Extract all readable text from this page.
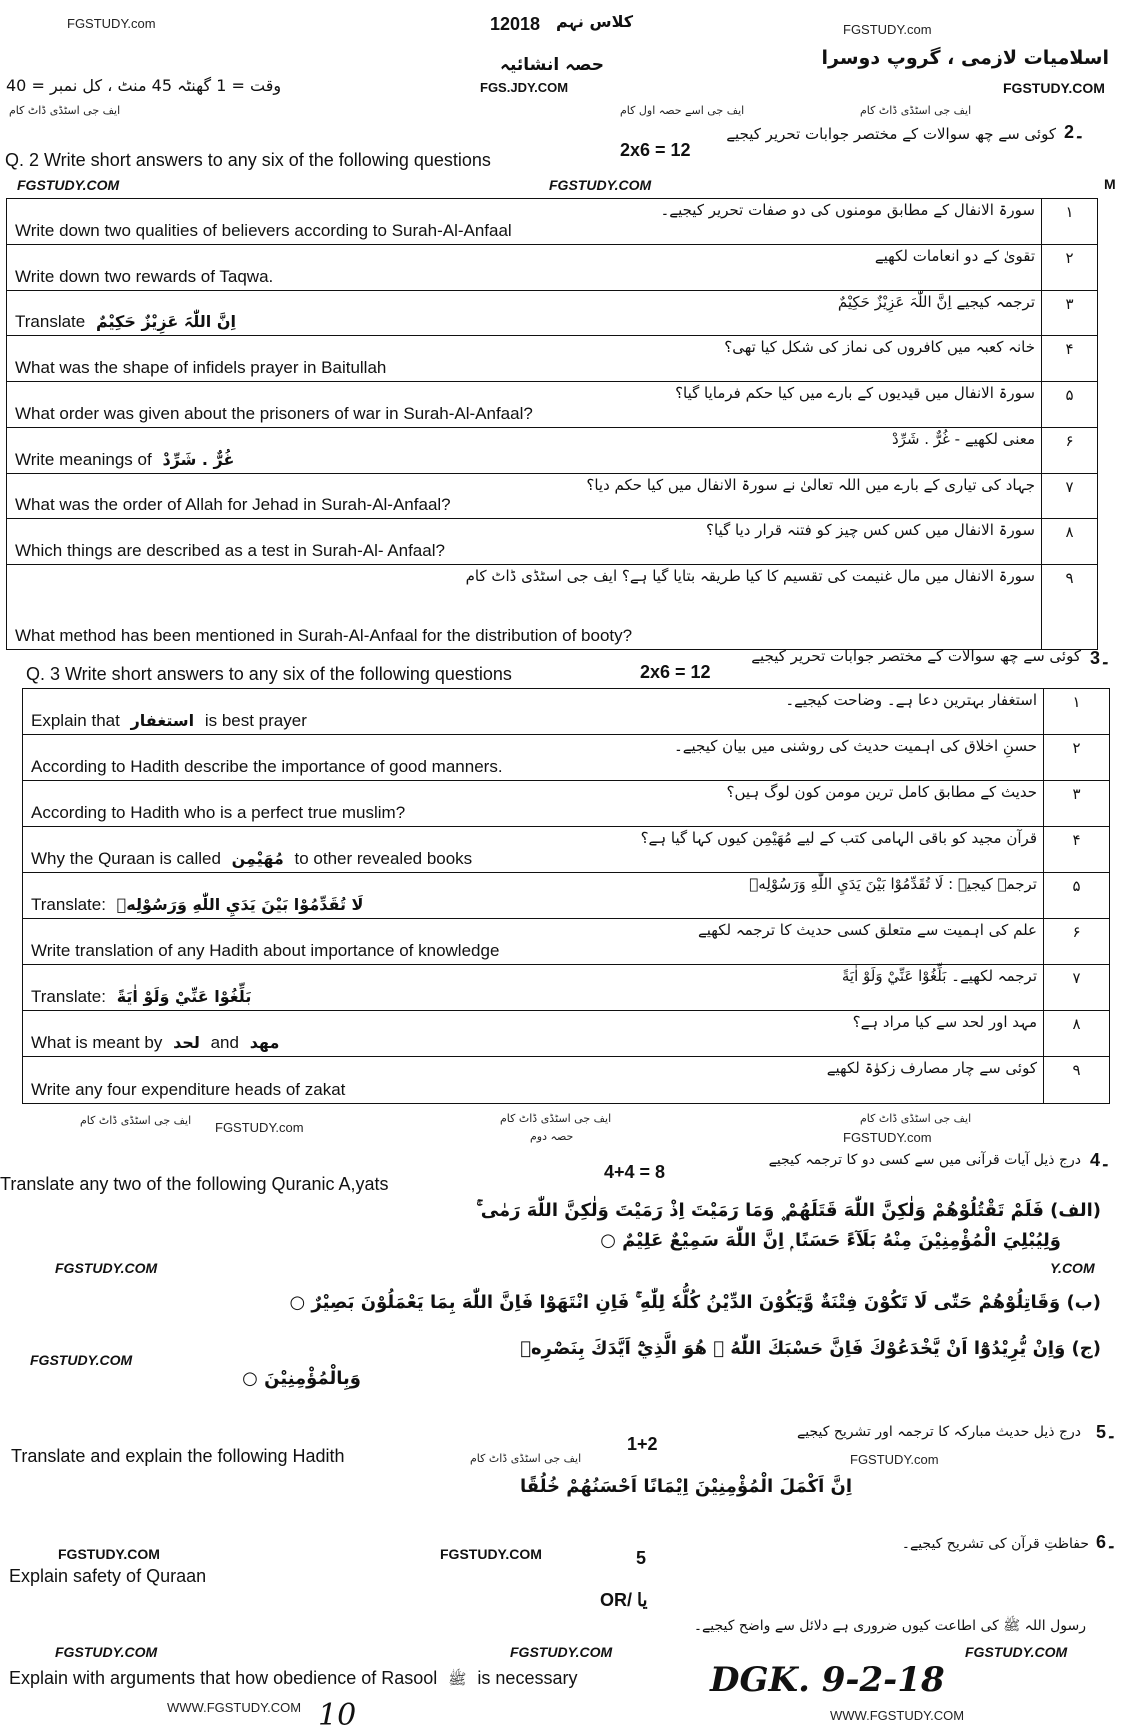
FGSTUDY.com	12018 کلاس نہم	FGSTUDY.com
اسلامیات لازمی ، گروپ دوسرا
حصہ انشائیہ
FGS.JDY.COM	FGSTUDY.COM
وقت = 1 گھنٹہ 45 منٹ ، کل نمبر = 40
ایف جی اسٹڈی ڈاٹ کام	ایف جی اسے حصہ اول کام	ایف جی اسٹڈی ڈاٹ کام
2۔
کوئی سے چھ سوالات کے مختصر جوابات تحریر کیجیے
2x6 = 12
Q. 2 Write short answers to any six of the following questions
FGSTUDY.COM	FGSTUDY.COM	M
۱
سورۃ الانفال کے مطابق مومنوں کی دو صفات تحریر کیجیے۔
Write down two qualities of believers according to Surah-Al-Anfaal
۲
تقویٰ کے دو انعامات لکھیے
Write down two rewards of Taqwa.
۳
ترجمہ کیجیے اِنَّ اللّٰہَ عَزِیْزٌ حَکِیْمٌ
Translate اِنَّ اللّٰہَ عَزِیْزٌ حَکِیْمٌ
۴
خانہ کعبہ میں کافروں کی نماز کی شکل کیا تھی؟
What was the shape of infidels prayer in Baitullah
۵
سورۃ الانفال میں قیدیوں کے بارے میں کیا حکم فرمایا گیا؟
What order was given about the prisoners of war in Surah-Al-Anfaal?
۶
معنی لکھیے - غُرٌّ . شَرِّدْ
Write meanings of غُرٌّ . شَرِّدْ
۷
جہاد کی تیاری کے بارے میں اللہ تعالیٰ نے سورۃ الانفال میں کیا حکم دیا؟
What was the order of Allah for Jehad in Surah-Al-Anfaal?
۸
سورۃ الانفال میں کس کس چیز کو فتنہ قرار دیا گیا؟
Which things are described as a test in Surah-Al- Anfaal?
۹
سورۃ الانفال میں مال غنیمت کی تقسیم کا کیا طریقہ بتایا گیا ہے؟ ایف جی اسٹڈی ڈاٹ کام
What method has been mentioned in Surah-Al-Anfaal for the distribution of booty?
3۔
کوئی سے چھ سوالات کے مختصر جوابات تحریر کیجیے
2x6 = 12
Q. 3 Write short answers to any six of the following questions
۱
استغفار بہترین دعا ہے۔ وضاحت کیجیے۔
Explain that استغفار is best prayer
۲
حسنِ اخلاق کی اہمیت حدیث کی روشنی میں بیان کیجیے۔
According to Hadith describe the importance of good manners.
۳
حدیث کے مطابق کامل ترین مومن کون لوگ ہیں؟
According to Hadith who is a perfect true muslim?
۴
قرآن مجید کو باقی الہامی کتب کے لیے مُهَيْمِن کیوں کہا گیا ہے؟
Why the Quraan is called مُهَيْمِن to other revealed books
۵
ترجمہ کیجیے : لَا تُقَدِّمُوْا بَيْنَ يَدَيِ اللّٰهِ وَرَسُوْلِهٖ
Translate: لَا تُقَدِّمُوْا بَيْنَ يَدَيِ اللّٰهِ وَرَسُوْلِهٖ
۶
علم کی اہمیت سے متعلق کسی حدیث کا ترجمہ لکھیے
Write translation of any Hadith about importance of knowledge
۷
ترجمہ لکھیے۔ بَلِّغُوْا عَنِّيْ وَلَوْ اٰيَةً
Translate: بَلِّغُوْا عَنِّيْ وَلَوْ اٰيَةً
۸
مہد اور لحد سے کیا مراد ہے؟
What is meant by لحد and مهد
۹
کوئی سے چار مصارف زکوٰۃ لکھیے
Write any four expenditure heads of zakat
ایف جی اسٹڈی ڈاٹ کام FGSTUDY.com
ایف جی اسٹڈی ڈاٹ کام
حصہ دوم
ایف جی اسٹڈی ڈاٹ کام
FGSTUDY.com
4۔
درج ذیل آیات قرآنی میں سے کسی دو کا ترجمہ کیجیے
4+4 = 8
Translate any two of the following Quranic A,yats
(الف) فَلَمْ تَقْتُلُوْهُمْ وَلٰكِنَّ اللّٰهَ قَتَلَهُمْ ۪ وَمَا رَمَيْتَ اِذْ رَمَيْتَ وَلٰكِنَّ اللّٰهَ رَمٰى ۚ
وَلِيُبْلِيَ الْمُؤْمِنِيْنَ مِنْهُ بَلَآءً حَسَنًا ۭ اِنَّ اللّٰهَ سَمِيْعٌ عَلِيْمٌ ○
FGSTUDY.COM	Y.COM
(ب) وَقَاتِلُوْهُمْ حَتّٰى لَا تَكُوْنَ فِتْنَةٌ وَّيَكُوْنَ الدِّيْنُ كُلُّهٗ لِلّٰهِ ۚ فَاِنِ انْتَهَوْا فَاِنَّ اللّٰهَ بِمَا يَعْمَلُوْنَ بَصِيْرٌ ○
(ج) وَاِنْ يُّرِيْدُوْٓا اَنْ يَّخْدَعُوْكَ فَاِنَّ حَسْبَكَ اللّٰهُ ۭ هُوَ الَّذِيْٓ اَيَّدَكَ بِنَصْرِهٖ
FGSTUDY.COM
وَبِالْمُؤْمِنِيْنَ ○
5۔
درج ذیل حدیث مبارکہ کا ترجمہ اور تشریح کیجیے
1+2
ایف جی اسٹڈی ڈاٹ کام	FGSTUDY.com
Translate and explain the following Hadith
اِنَّ اَكْمَلَ الْمُؤْمِنِيْنَ اِيْمَانًا اَحْسَنُهُمْ خُلُقًا
6۔
حفاظتِ قرآن کی تشریح کیجیے۔
FGSTUDY.COM	FGSTUDY.COM	5
Explain safety of Quraan
OR/ یا
رسول اللہ ﷺ کی اطاعت کیوں ضروری ہے دلائل سے واضح کیجیے۔
FGSTUDY.COM	FGSTUDY.COM	FGSTUDY.COM
Explain with arguments that how obedience of Rasool ﷺ is necessary
WWW.FGSTUDY.COM
DGK. 9-2-18
WWW.FGSTUDY.COM
10
